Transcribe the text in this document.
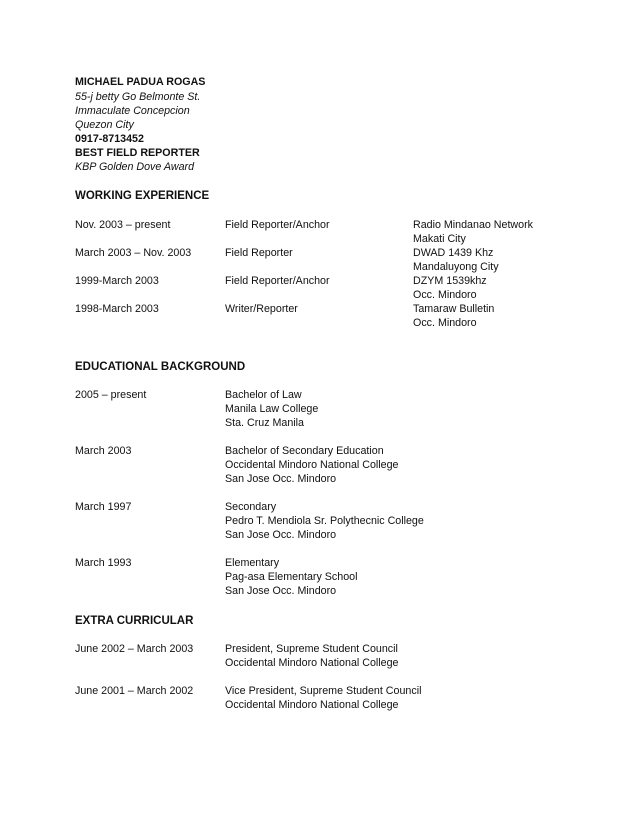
MICHAEL PADUA ROGAS
55-j betty Go Belmonte St.
Immaculate Concepcion
Quezon City
0917-8713452
BEST FIELD REPORTER
KBP Golden Dove Award
WORKING EXPERIENCE
Nov. 2003 – present	Field Reporter/Anchor	Radio Mindanao Network
Makati City
March 2003 – Nov. 2003	Field Reporter	DWAD 1439 Khz
Mandaluyong City
1999-March 2003	Field Reporter/Anchor	DZYM 1539khz
Occ. Mindoro
1998-March 2003	Writer/Reporter	Tamaraw Bulletin
Occ. Mindoro
EDUCATIONAL BACKGROUND
2005 – present	Bachelor of Law
Manila Law College
Sta. Cruz Manila
March 2003	Bachelor of Secondary Education
Occidental Mindoro National College
San Jose Occ. Mindoro
March 1997	Secondary
Pedro T. Mendiola Sr. Polythecnic College
San Jose Occ. Mindoro
March 1993	Elementary
Pag-asa Elementary School
San Jose Occ. Mindoro
EXTRA CURRICULAR
June 2002 – March 2003	President, Supreme Student Council
Occidental Mindoro National College
June 2001 – March 2002	Vice President, Supreme Student Council
Occidental Mindoro National College
